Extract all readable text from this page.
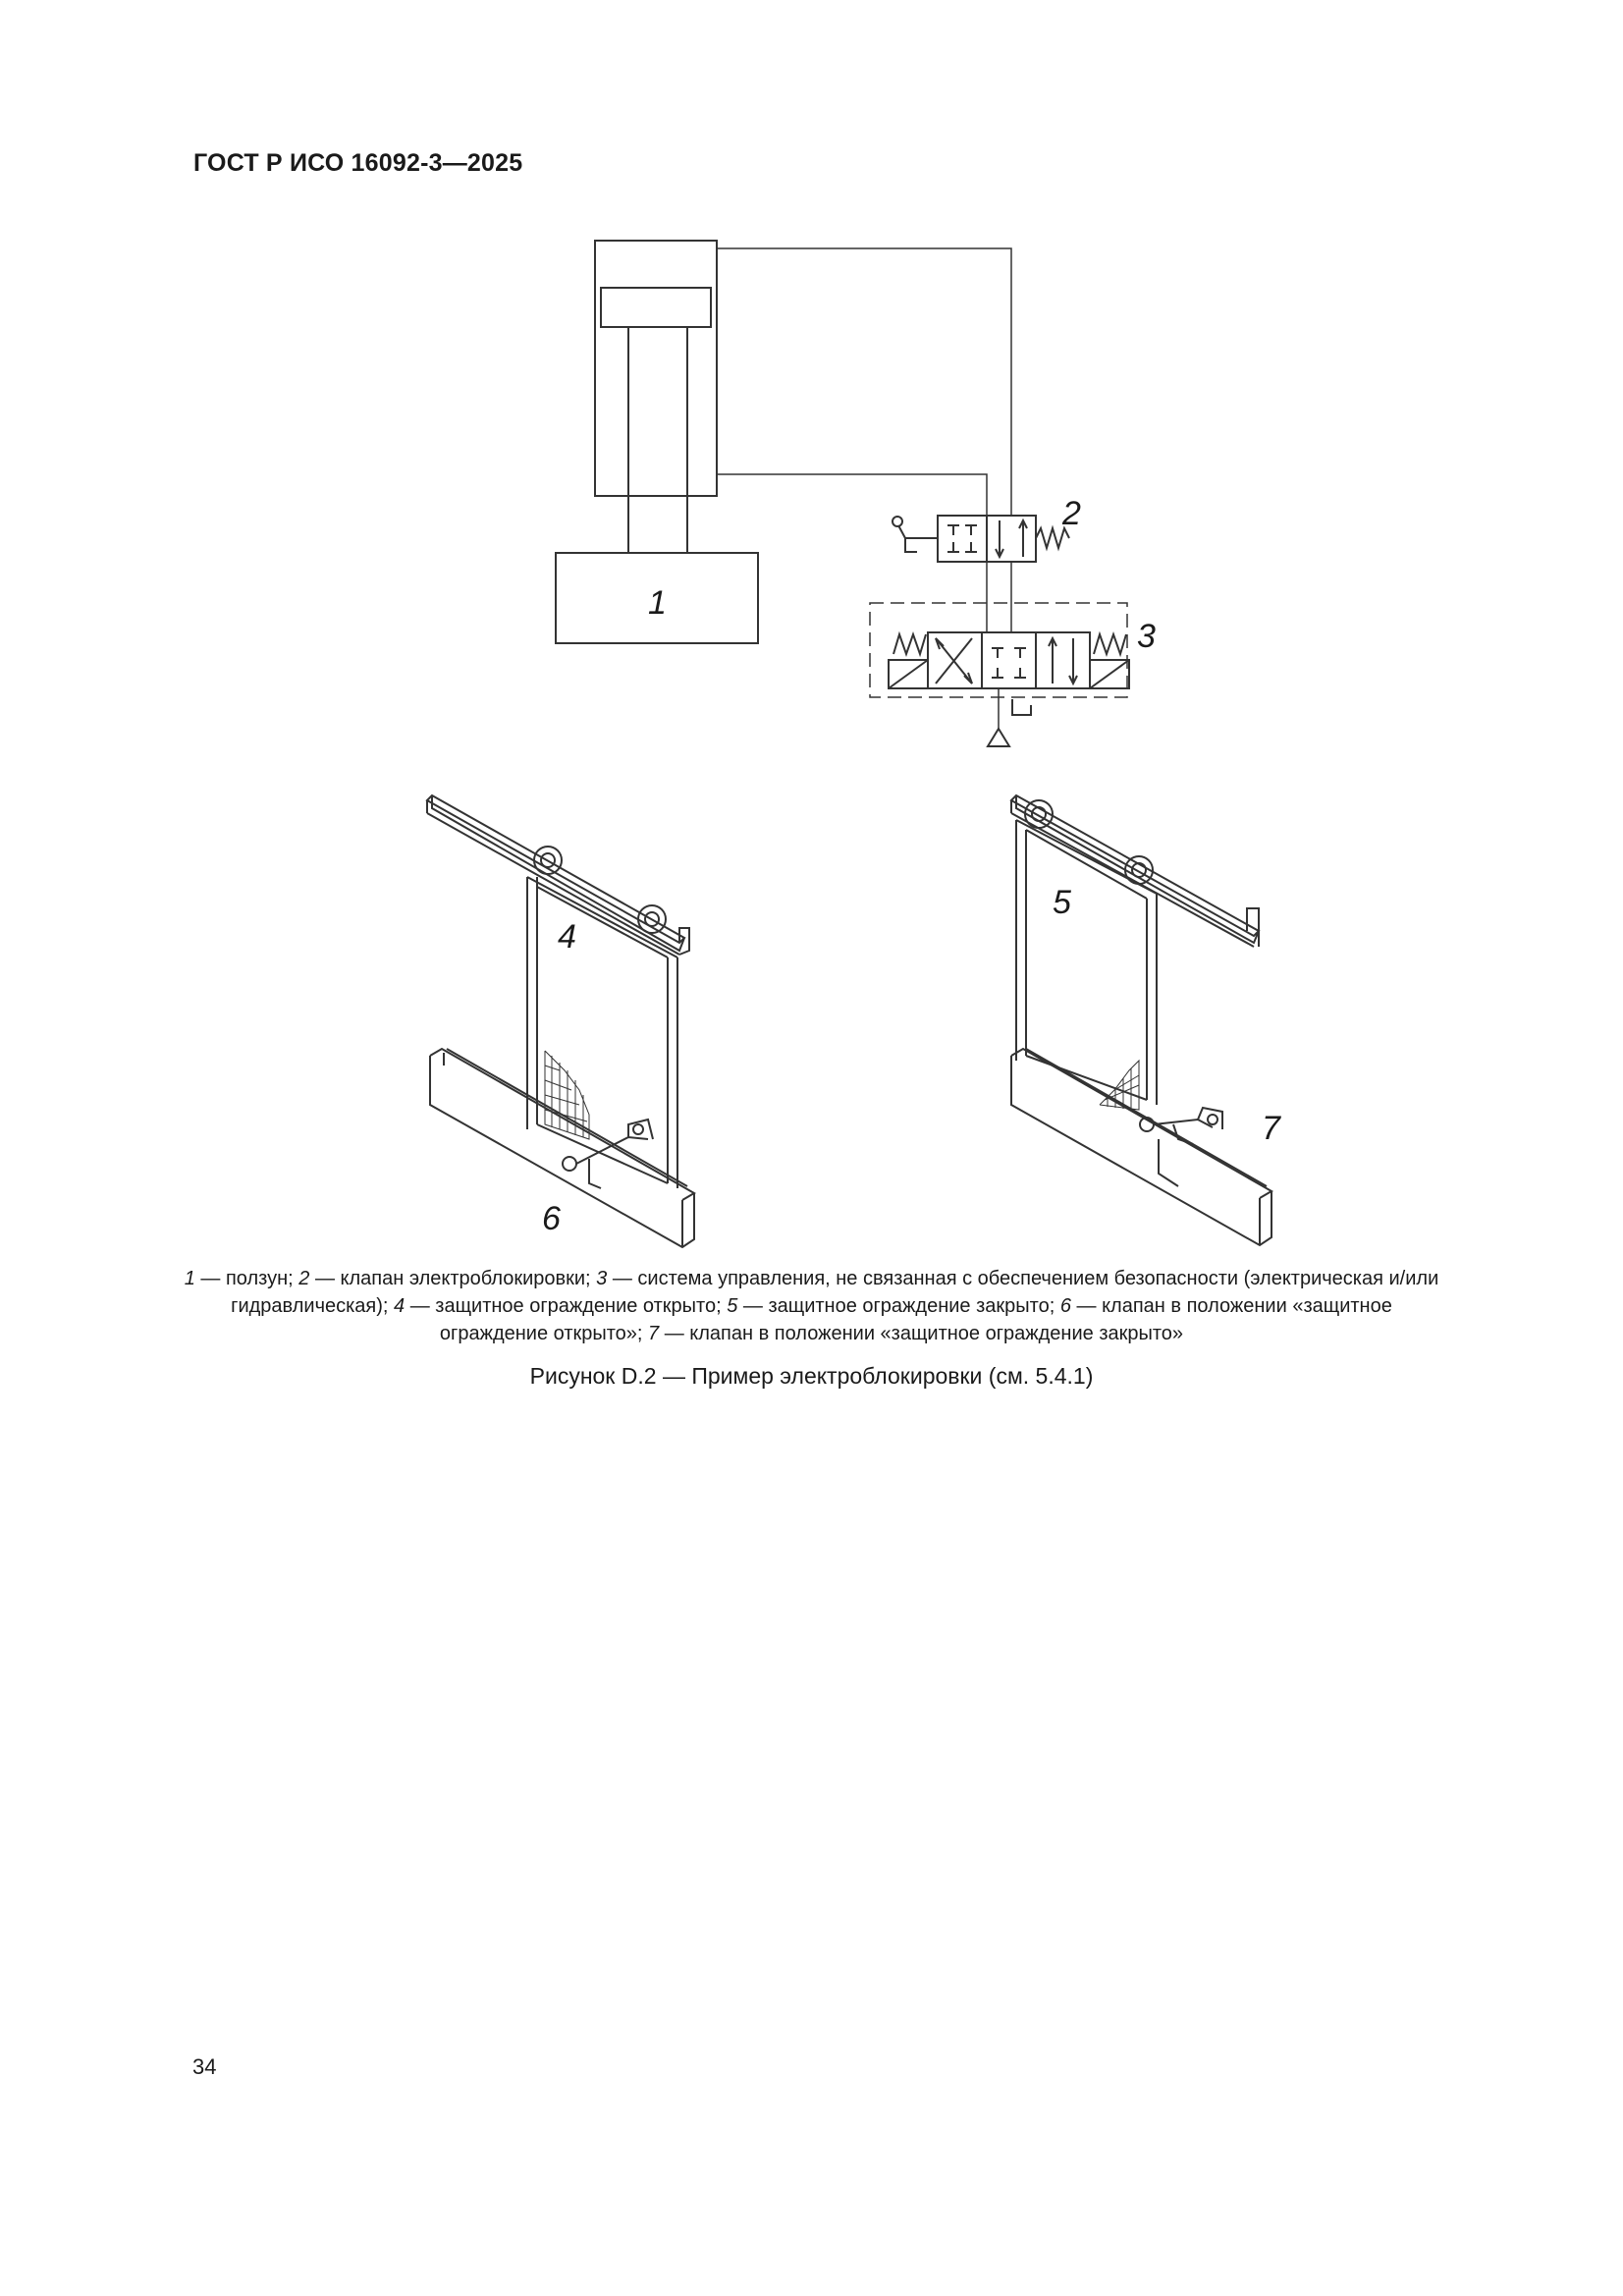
ГОСТ Р ИСО 16092-3—2025
1
2
3
4
5
6
7
1 — ползун; 2 — клапан электроблокировки; 3 — система управления, не связанная с обеспечением безопасности (электрическая и/или гидравлическая); 4 — защитное ограждение открыто; 5 — защитное ограждение закрыто; 6 — клапан в положении «защитное ограждение открыто»; 7 — клапан в положении «защитное ограждение закрыто»
Рисунок D.2 — Пример электроблокировки (см. 5.4.1)
34
